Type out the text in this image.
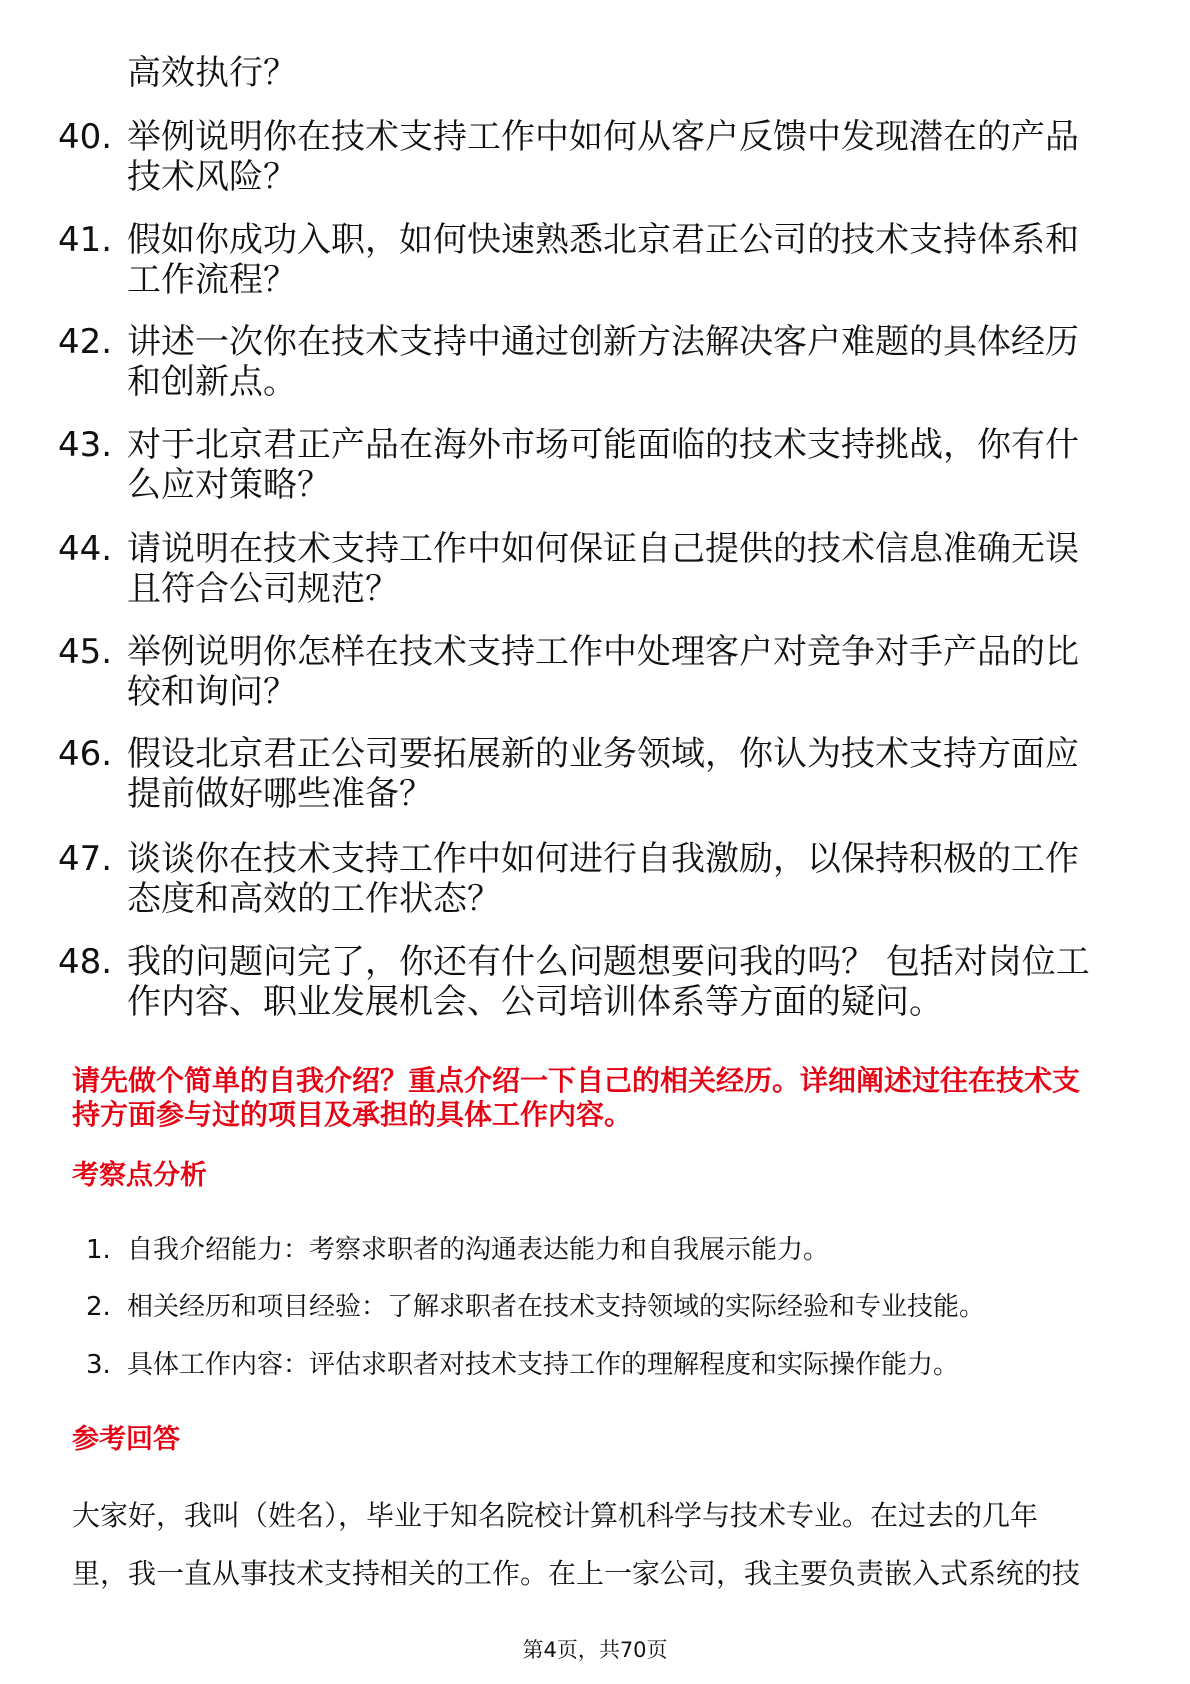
高效执行？
40. 举例说明你在技术支持工作中如何从客户反馈中发现潜在的产品
技术风险？
41. 假如你成功入职，如何快速熟悉北京君正公司的技术支持体系和
工作流程？
42. 讲述一次你在技术支持中通过创新方法解决客户难题的具体经历
和创新点。
43. 对于北京君正产品在海外市场可能面临的技术支持挑战，你有什
么应对策略？
44. 请说明在技术支持工作中如何保证自己提供的技术信息准确无误
且符合公司规范？
45. 举例说明你怎样在技术支持工作中处理客户对竞争对手产品的比
较和询问？
46. 假设北京君正公司要拓展新的业务领域，你认为技术支持方面应
提前做好哪些准备？
47. 谈谈你在技术支持工作中如何进行自我激励，以保持积极的工作
态度和高效的工作状态？
48. 我的问题问完了，你还有什么问题想要问我的吗？ 包括对岗位工
作内容、职业发展机会、公司培训体系等方面的疑问。
请先做个简单的自我介绍？重点介绍一下自己的相关经历。详细阐述过往在技术支
持方面参与过的项目及承担的具体工作内容。
考察点分析
1. 自我介绍能力：考察求职者的沟通表达能力和自我展示能力。
2. 相关经历和项目经验：了解求职者在技术支持领域的实际经验和专业技能。
3. 具体工作内容：评估求职者对技术支持工作的理解程度和实际操作能力。
参考回答
大家好，我叫（姓名），毕业于知名院校计算机科学与技术专业。在过去的几年
里，我一直从事技术支持相关的工作。在上一家公司，我主要负责嵌入式系统的技
第4页，共70页
